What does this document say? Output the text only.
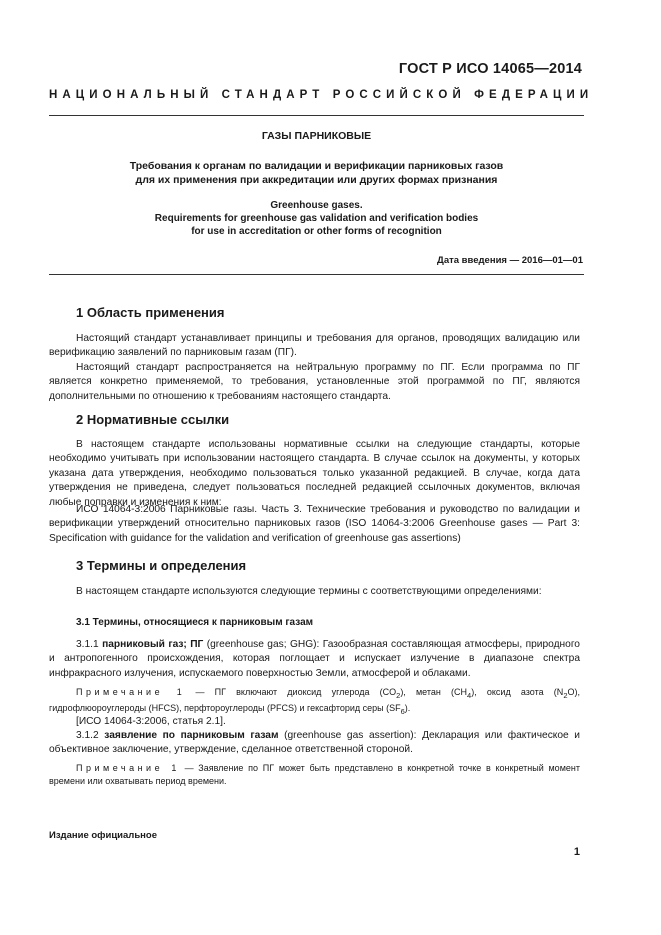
ГОСТ Р ИСО 14065—2014
НАЦИОНАЛЬНЫЙ СТАНДАРТ РОССИЙСКОЙ ФЕДЕРАЦИИ
ГАЗЫ ПАРНИКОВЫЕ
Требования к органам по валидации и верификации парниковых газов
для их применения при аккредитации или других формах признания
Greenhouse gases.
Requirements for greenhouse gas validation and verification bodies
for use in accreditation or other forms of recognition
Дата введения — 2016—01—01
1 Область применения

Настоящий стандарт устанавливает принципы и требования для органов, проводящих валидацию или верификацию заявлений по парниковым газам (ПГ).

Настоящий стандарт распространяется на нейтральную программу по ПГ. Если программа по ПГ является конкретно применяемой, то требования, установленные этой программой по ПГ, являются дополнительными по отношению к требованиям настоящего стандарта.

2 Нормативные ссылки

В настоящем стандарте использованы нормативные ссылки на следующие стандарты, которые необходимо учитывать при использовании настоящего стандарта. В случае ссылок на документы, у которых указана дата утверждения, необходимо пользоваться только указанной редакцией. В случае, когда дата утверждения не приведена, следует пользоваться последней редакцией ссылочных документов, включая любые поправки и изменения к ним:

ИСО 14064-3:2006 Парниковые газы. Часть 3. Технические требования и руководство по валидации и верификации утверждений относительно парниковых газов (ISO 14064-3:2006 Greenhouse gases — Part 3: Specification with guidance for the validation and verification of greenhouse gas assertions)

3 Термины и определения

В настоящем стандарте используются следующие термины с соответствующими определениями:

3.1 Термины, относящиеся к парниковым газам

3.1.1 парниковый газ; ПГ (greenhouse gas; GHG): Газообразная составляющая атмосферы, природного и антропогенного происхождения, которая поглощает и испускает излучение в диапазоне спектра инфракрасного излучения, испускаемого поверхностью Земли, атмосферой и облаками.

Примечание 1 — ПГ включают диоксид углерода $(CO_2)$, метан $(CH_4)$, оксид азота $(N_2O)$, гидрофлюороуглероды (HFCS), перфтороуглероды (PFCS) и гексафторид серы $(SF_6)$.

[ИСО 14064-3:2006, статья 2.1].

3.1.2 заявление по парниковым газам (greenhouse gas assertion): Декларация или фактическое и объективное заключение, утверждение, сделанное ответственной стороной.

Примечание 1 — Заявление по ПГ может быть представлено в конкретной точке в конкретный момент времени или охватывать период времени.

Издание официальное
1
